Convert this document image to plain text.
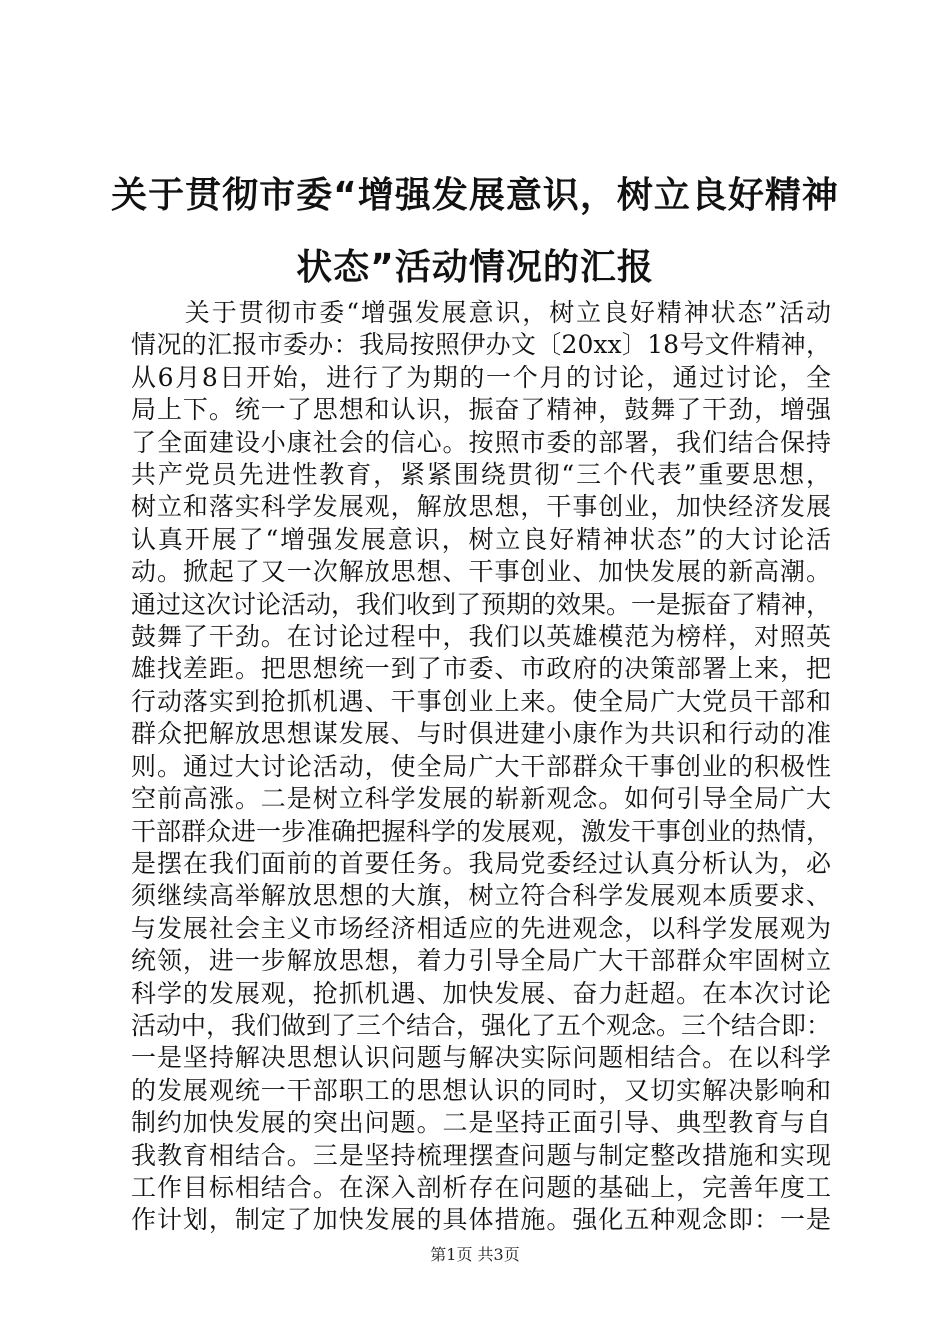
关于贯彻市委“增强发展意识，树立良好精神
状态”活动情况的汇报
　　关于贯彻市委“增强发展意识，树立良好精神状态”活动
情况的汇报市委办：我局按照伊办文〔20xx〕18号文件精神，
从6月8日开始，进行了为期的一个月的讨论，通过讨论，全
局上下。统一了思想和认识，振奋了精神，鼓舞了干劲，增强
了全面建设小康社会的信心。按照市委的部署，我们结合保持
共产党员先进性教育，紧紧围绕贯彻“三个代表”重要思想，
树立和落实科学发展观，解放思想，干事创业，加快经济发展
认真开展了“增强发展意识，树立良好精神状态”的大讨论活
动。掀起了又一次解放思想、干事创业、加快发展的新高潮。
通过这次讨论活动，我们收到了预期的效果。一是振奋了精神，
鼓舞了干劲。在讨论过程中，我们以英雄模范为榜样，对照英
雄找差距。把思想统一到了市委、市政府的决策部署上来，把
行动落实到抢抓机遇、干事创业上来。使全局广大党员干部和
群众把解放思想谋发展、与时俱进建小康作为共识和行动的准
则。通过大讨论活动，使全局广大干部群众干事创业的积极性
空前高涨。二是树立科学发展的崭新观念。如何引导全局广大
干部群众进一步准确把握科学的发展观，激发干事创业的热情，
是摆在我们面前的首要任务。我局党委经过认真分析认为，必
须继续高举解放思想的大旗，树立符合科学发展观本质要求、
与发展社会主义市场经济相适应的先进观念，以科学发展观为
统领，进一步解放思想，着力引导全局广大干部群众牢固树立
科学的发展观，抢抓机遇、加快发展、奋力赶超。在本次讨论
活动中，我们做到了三个结合，强化了五个观念。三个结合即：
一是坚持解决思想认识问题与解决实际问题相结合。在以科学
的发展观统一干部职工的思想认识的同时，又切实解决影响和
制约加快发展的突出问题。二是坚持正面引导、典型教育与自
我教育相结合。三是坚持梳理摆查问题与制定整改措施和实现
工作目标相结合。在深入剖析存在问题的基础上，完善年度工
作计划，制定了加快发展的具体措施。强化五种观念即：一是
第1页 共3页
